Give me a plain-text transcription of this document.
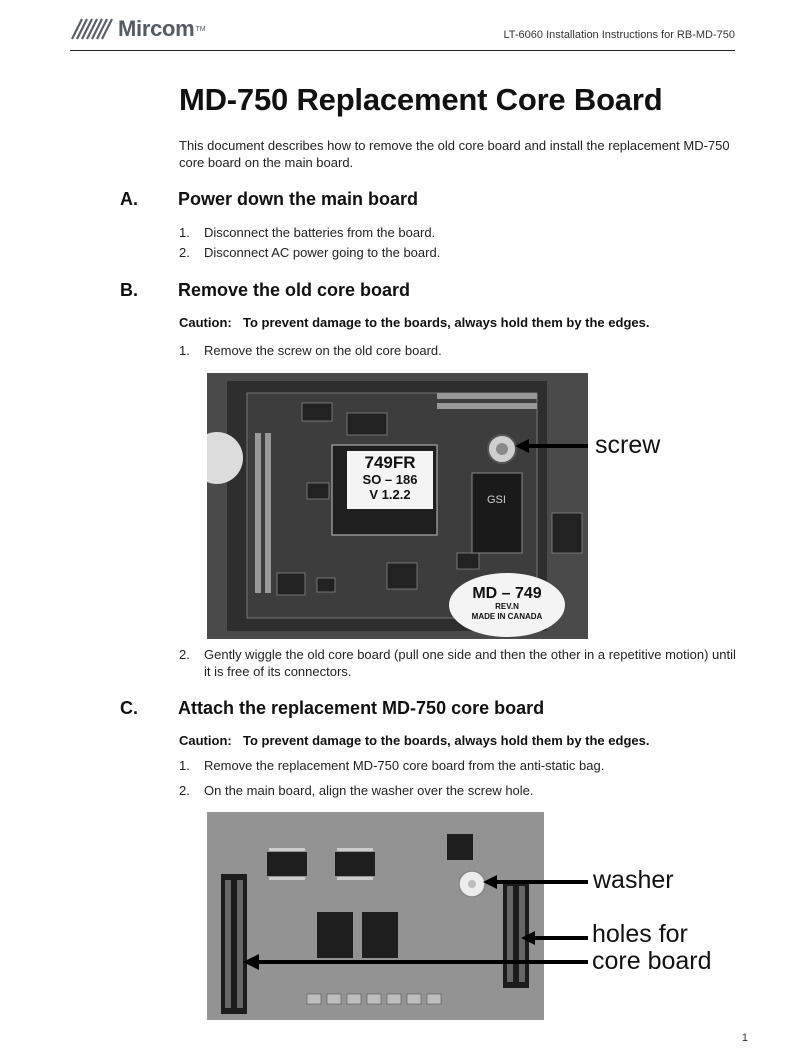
Mircom TM	LT-6060 Installation Instructions for RB-MD-750
MD-750 Replacement Core Board

This document describes how to remove the old core board and install the replacement MD-750 core board on the main board.

A. Power down the main board
1. Disconnect the batteries from the board.
2. Disconnect AC power going to the board.
B. Remove the old core board
Caution: To prevent damage to the boards, always hold them by the edges.
1. Remove the screw on the old core board.
GSI
749FR
SO – 186
V 1.2.2
MD – 749
REV.N
MADE IN CANADA
screw
2. Gently wiggle the old core board (pull one side and then the other in a repetitive motion) until it is free of its connectors.
C. Attach the replacement MD-750 core board
Caution: To prevent damage to the boards, always hold them by the edges.
1. Remove the replacement MD-750 core board from the anti-static bag.
2. On the main board, align the washer over the screw hole.
washer
holes for
core board
1
